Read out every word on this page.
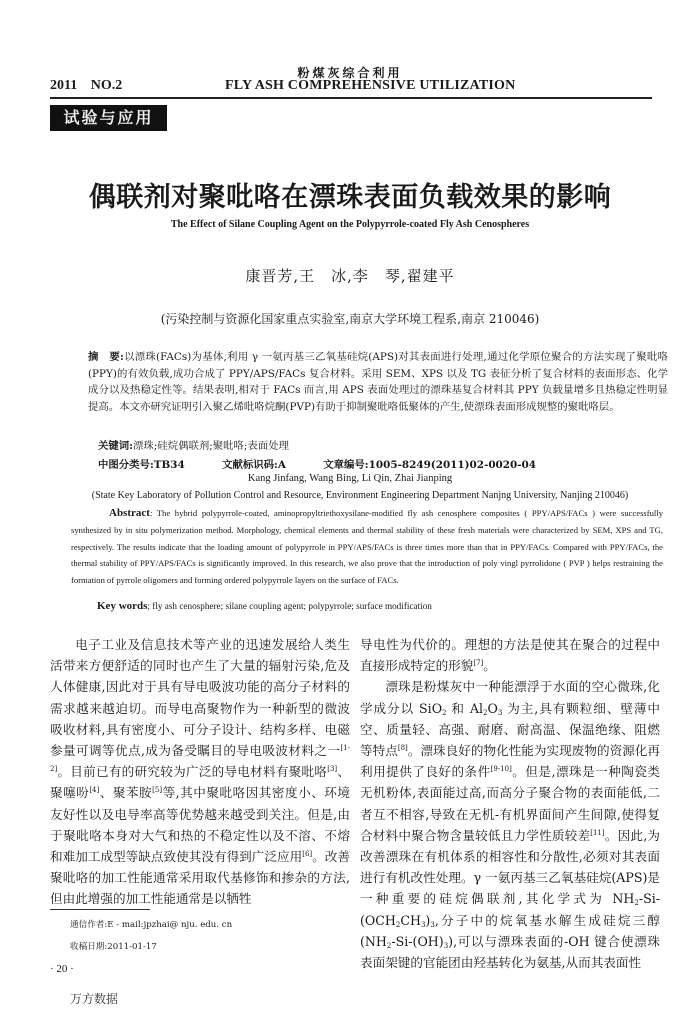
粉煤灰综合利用
2011 NO.2	FLY ASH COMPREHENSIVE UTILIZATION
试验与应用
偶联剂对聚吡咯在漂珠表面负载效果的影响
The Effect of Silane Coupling Agent on the Polypyrrole-coated Fly Ash Cenospheres
康晋芳,王　冰,李　琴,翟建平
(污染控制与资源化国家重点实验室,南京大学环境工程系,南京 210046)
摘　要:以漂珠(FACs)为基体,利用 γ 一氨丙基三乙氧基硅烷(APS)对其表面进行处理,通过化学原位聚合的方法实现了聚吡咯(PPY)的有效负载,成功合成了 PPY/APS/FACs 复合材料。采用 SEM、XPS 以及 TG 表征分析了复合材料的表面形态、化学成分以及热稳定性等。结果表明,相对于 FACs 而言,用 APS 表面处理过的漂珠基复合材料其 PPY 负载量增多且热稳定性明显提高。本文亦研究证明引入聚乙烯吡咯烷酮(PVP)有助于抑制聚吡咯低聚体的产生,使漂珠表面形成规整的聚吡咯层。
关键词:漂珠;硅烷偶联剂;聚吡咯;表面处理
中图分类号:TB34	文献标识码:A	文章编号:1005-8249(2011)02-0020-04
Kang Jinfang, Wang Bing, Li Qin, Zhai Jianping
(State Key Laboratory of Pollution Control and Resource, Environment Engineering Department Nanjng University, Nanjing 210046)
Abstract: The hybrid polypyrrole-coated, aminopropyltriethoxysilane-modified fly ash cenosphere composites ( PPY/APS/FACs ) were successfully synthesized by in situ polymerization method. Morphology, chemical elements and thermal stability of these fresh materials were characterized by SEM, XPS and TG, respectively. The results indicate that the loading amount of polypyrrole in PPY/APS/FACs is three times more than that in PPY/FACs. Compared with PPY/FACs, the thermal stability of PPY/APS/FACs is significantly improved. In this research, we also prove that the introduction of poly vingl pyrrolidone ( PVP ) helps restraining the formation of pyrrole oligomers and forming ordered polypyrrole layers on the surface of FACs.
Key words; fly ash cenosphere; silane coupling agent; polypyrrole; surface modification

电子工业及信息技术等产业的迅速发展给人类生活带来方便舒适的同时也产生了大量的辐射污染,危及人体健康,因此对于具有导电吸波功能的高分子材料的需求越来越迫切。而导电高聚物作为一种新型的微波吸收材料,具有密度小、可分子设计、结构多样、电磁参量可调等优点,成为备受瞩目的导电吸波材料之一[1-2]。目前已有的研究较为广泛的导电材料有聚吡咯[3]、聚噻吩[4]、聚苯胺[5]等,其中聚吡咯因其密度小、环境友好性以及电导率高等优势越来越受到关注。但是,由于聚吡咯本身对大气和热的不稳定性以及不溶、不熔和难加工成型等缺点致使其没有得到广泛应用[6]。改善聚吡咯的加工性能通常采用取代基修饰和掺杂的方法,但由此增强的加工性能通常是以牺牲

导电性为代价的。理想的方法是使其在聚合的过程中直接形成特定的形貌[7]。

漂珠是粉煤灰中一种能漂浮于水面的空心微珠,化学成分以 SiO$_2$ 和 $Al_2O_3$ 为主,具有颗粒细、壁薄中空、质量轻、高强、耐磨、耐高温、保温绝缘、阻燃等特点[8]。漂珠良好的物化性能为实现废物的资源化再利用提供了良好的条件[9-10]。但是,漂珠是一种陶瓷类无机粉体,表面能过高,而高分子聚合物的表面能低,二者互不相容,导致在无机-有机界面间产生间隙,使得复合材料中聚合物含量较低且力学性质较差[11]。因此,为改善漂珠在有机体系的相容性和分散性,必须对其表面进行有机改性处理。γ 一氨丙基三乙氧基硅烷(APS)是一种重要的硅烷偶联剂,其化学式为 $NH_2-Si-(OCH_2CH_3)_3$,分子中的烷氧基水解生成硅烷三醇$(NH_2-Si-(OH)_3)$,可以与漂珠表面的-OH 键合使漂珠表面架键的官能团由羟基转化为氨基,从而其表面性

通信作者:E - mail:jpzhai@ nju. edu. cn
收稿日期:2011-01-17
· 20 ·
万方数据
